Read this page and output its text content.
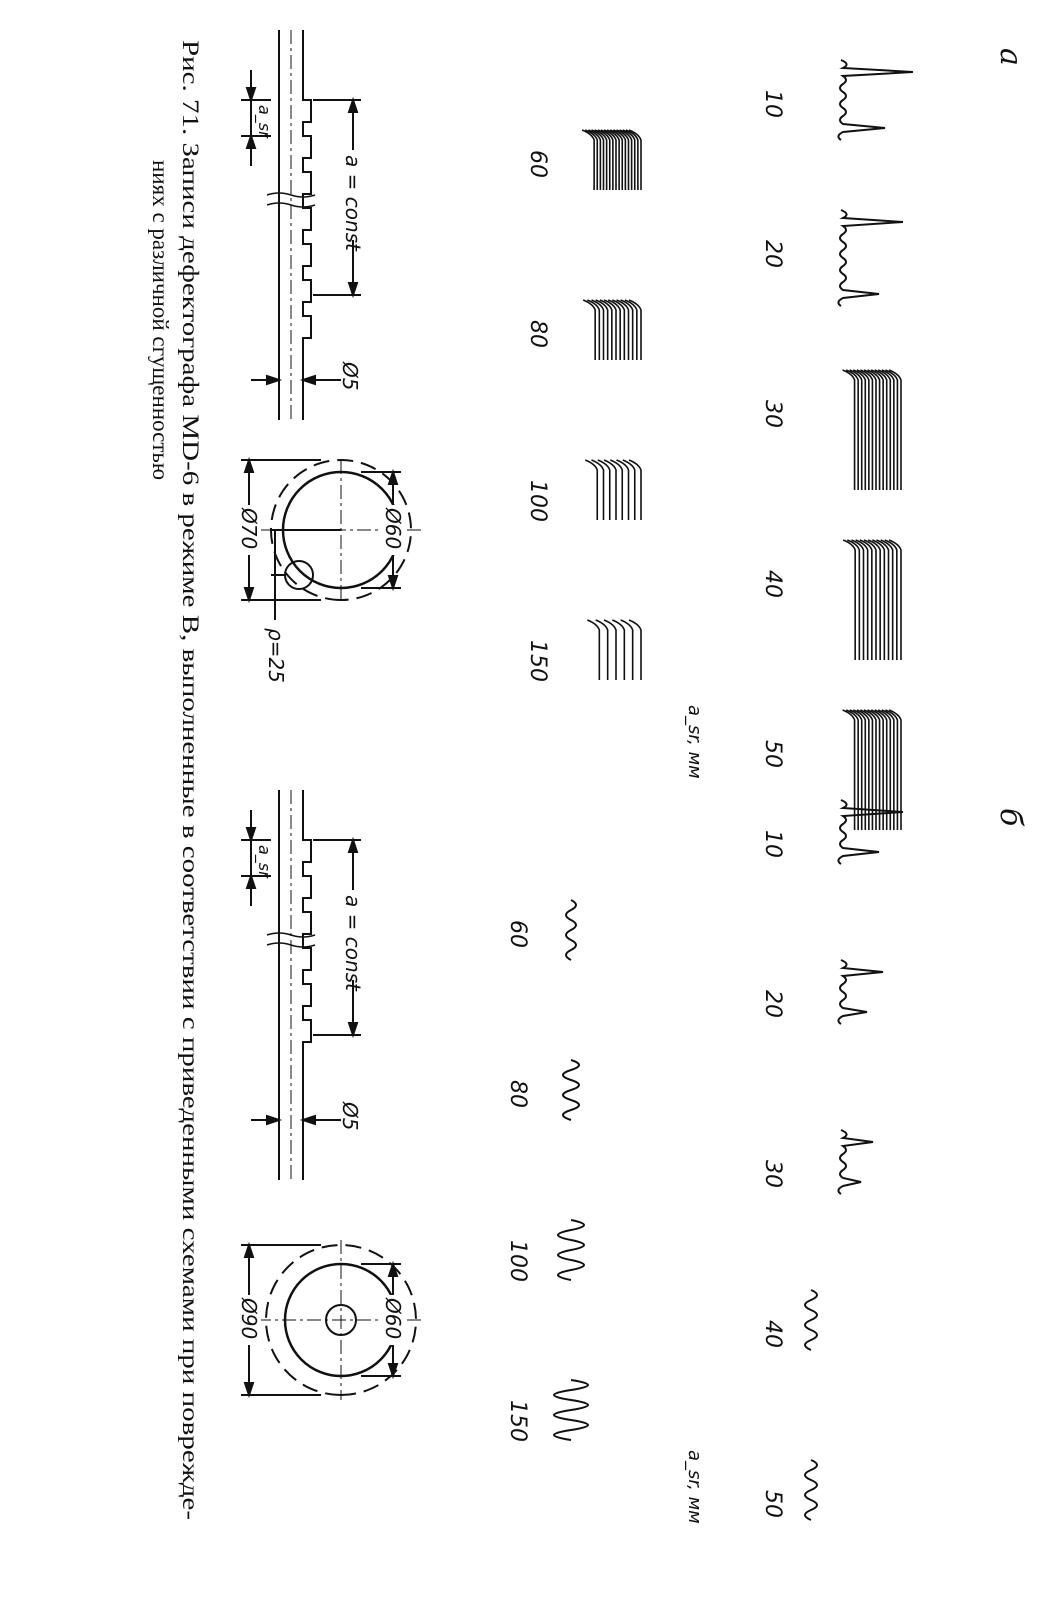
a
б
10
20
30
40
50
60
80
100
150
10
20
30
40
50
60
80
100
150
a_sr, мм
a_sr, мм
a = const
a_sr
Ø5
Ø60
Ø70
ρ=25
a = const
a_sr
Ø5
Ø60
Ø90
Рис. 71. Записи дефектографа MD-6 в режиме В, выполненные в соответствии с приведенными схемами при поврежде-
ниях с различной сгущенностью
